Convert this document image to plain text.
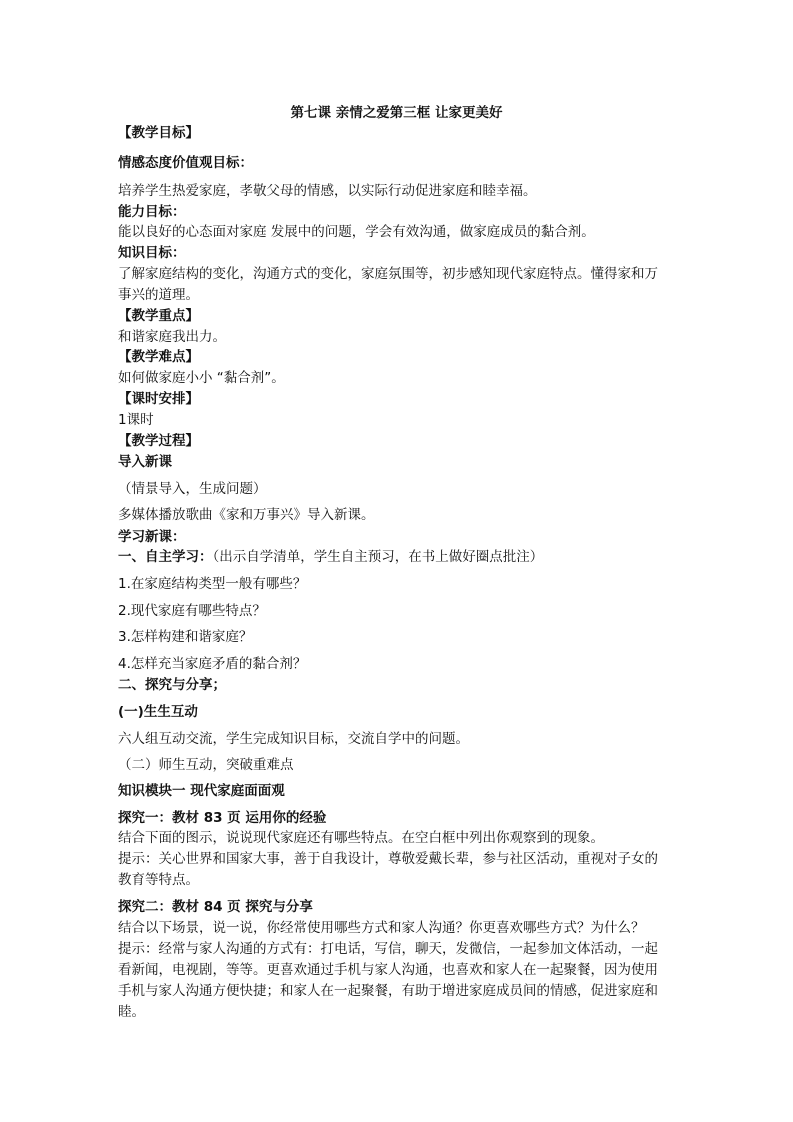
第七课 亲情之爱第三框 让家更美好
【教学目标】
情感态度价值观目标：
培养学生热爱家庭，孝敬父母的情感，以实际行动促进家庭和睦幸福。
能力目标：
能以良好的心态面对家庭 发展中的问题，学会有效沟通，做家庭成员的黏合剂。
知识目标：
了解家庭结构的变化，沟通方式的变化，家庭氛围等，初步感知现代家庭特点。懂得家和万
事兴的道理。
【教学重点】
和谐家庭我出力。
【教学难点】
如何做家庭小小 “黏合剂”。
【课时安排】
1课时
【教学过程】
导入新课
（情景导入，生成问题）
多媒体播放歌曲《家和万事兴》导入新课。
学习新课：
一、自主学习：（出示自学清单，学生自主预习，在书上做好圈点批注）
1.在家庭结构类型一般有哪些？
2.现代家庭有哪些特点？
3.怎样构建和谐家庭？
4.怎样充当家庭矛盾的黏合剂？
二、探究与分享；
(一)生生互动
六人组互动交流，学生完成知识目标，交流自学中的问题。
（二）师生互动，突破重难点
知识模块一 现代家庭面面观
探究一：教材 83 页 运用你的经验
结合下面的图示，说说现代家庭还有哪些特点。在空白框中列出你观察到的现象。
提示：关心世界和国家大事，善于自我设计，尊敬爱戴长辈，参与社区活动，重视对子女的
教育等特点。
探究二：教材 84 页 探究与分享
结合以下场景，说一说，你经常使用哪些方式和家人沟通？你更喜欢哪些方式？为什么？
提示：经常与家人沟通的方式有：打电话，写信，聊天，发微信，一起参加文体活动，一起
看新闻，电视剧，等等。更喜欢通过手机与家人沟通，也喜欢和家人在一起聚餐，因为使用
手机与家人沟通方便快捷；和家人在一起聚餐，有助于增进家庭成员间的情感，促进家庭和
睦。
